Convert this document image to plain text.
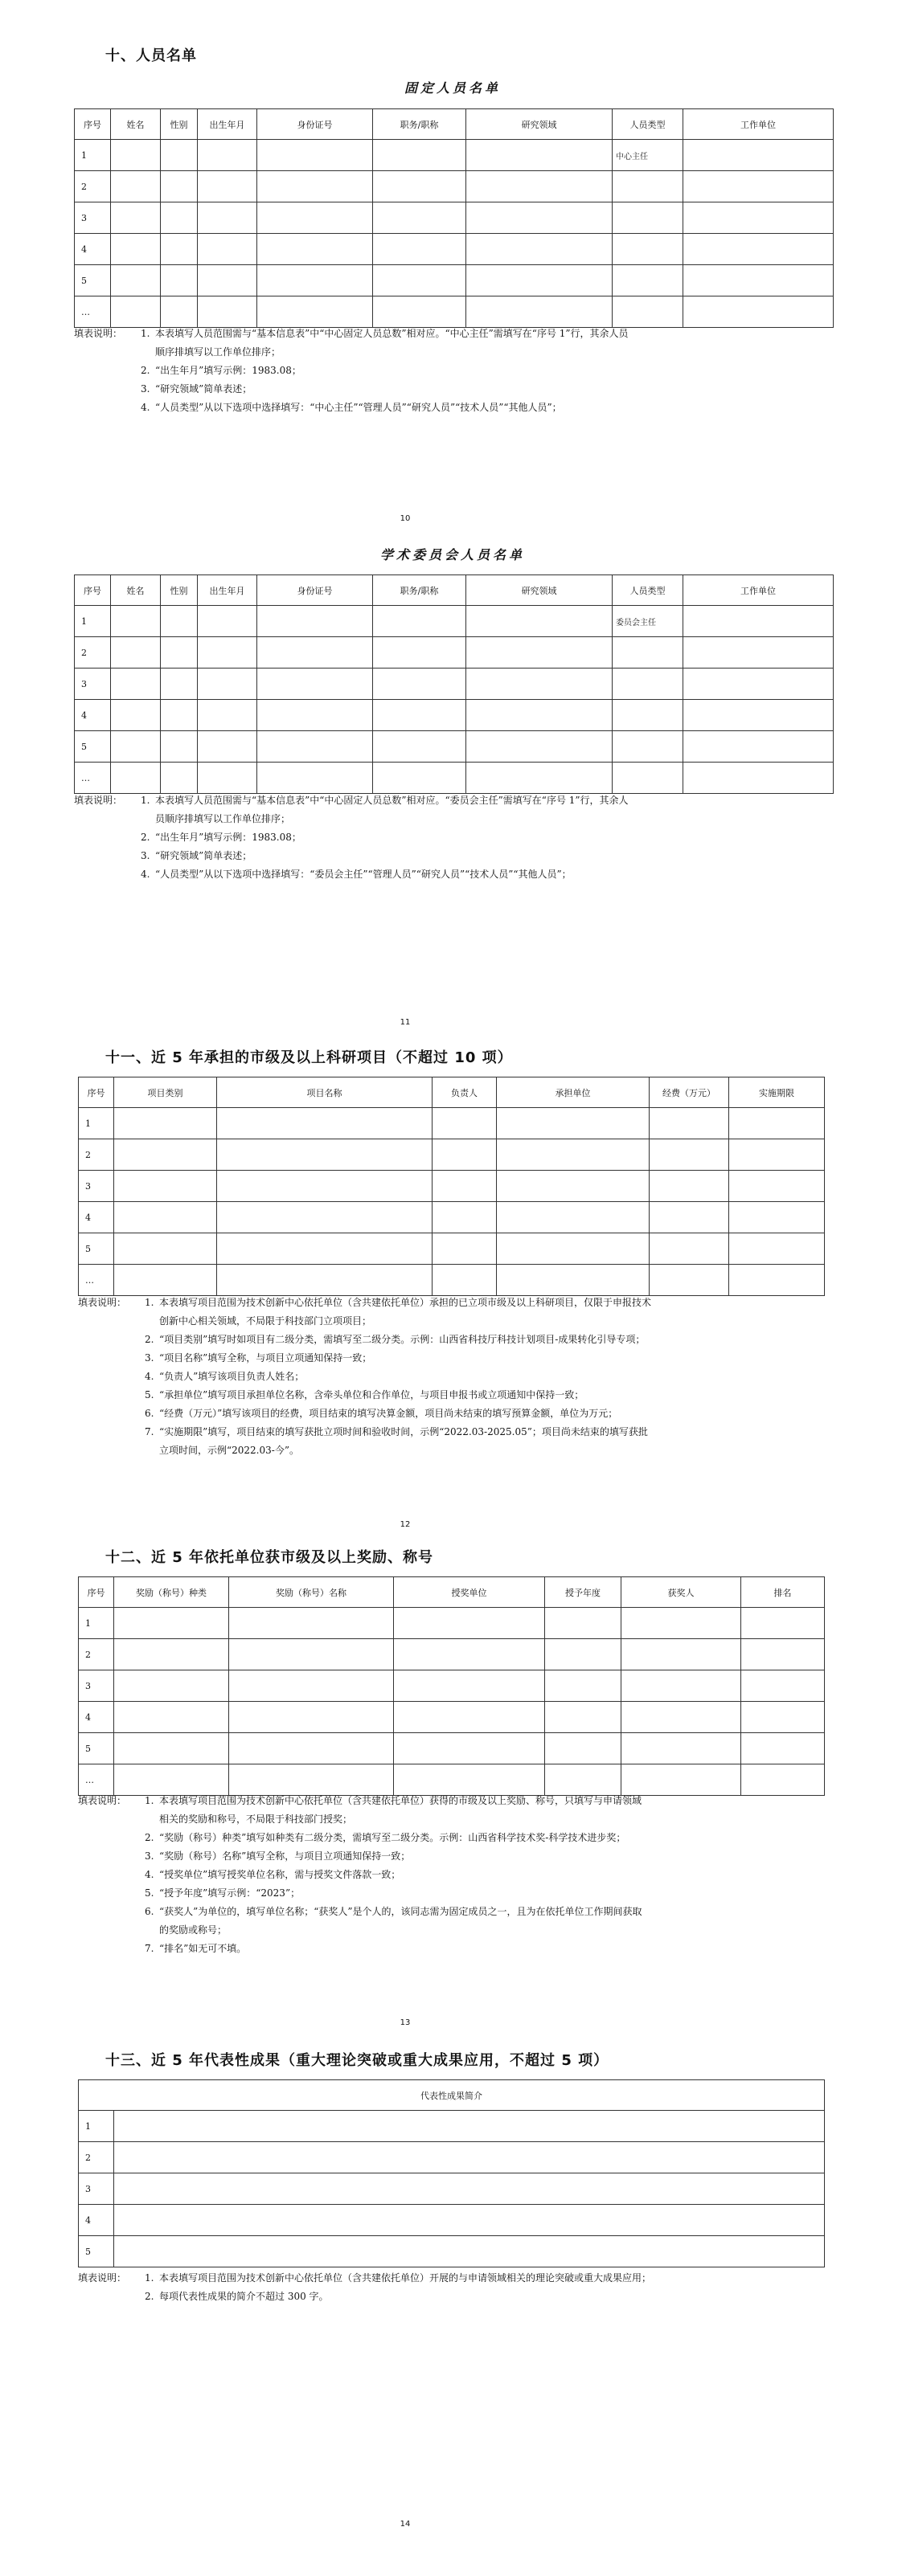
十、人员名单
固定人员名单
序号	姓名	性别	出生年月	身份证号	职务/职称	研究领域	人员类型	工作单位
1							中心主任	
2								
3								
4								
5								
…								
填表说明：	1. 本表填写人员范围需与“基本信息表”中“中心固定人员总数”相对应。“中心主任”需填写在“序号 1”行，其余人员
顺序排填写以工作单位排序；
2. “出生年月”填写示例：1983.08；
3. “研究领域”简单表述；
4. “人员类型”从以下选项中选择填写：“中心主任”“管理人员”“研究人员”“技术人员”“其他人员”；
10
学术委员会人员名单
序号	姓名	性别	出生年月	身份证号	职务/职称	研究领域	人员类型	工作单位
1							委员会主任	
2								
3								
4								
5								
…								
填表说明：	1. 本表填写人员范围需与“基本信息表”中“中心固定人员总数”相对应。“委员会主任”需填写在“序号 1”行，其余人
员顺序排填写以工作单位排序；
2. “出生年月”填写示例：1983.08；
3. “研究领域”简单表述；
4. “人员类型”从以下选项中选择填写：“委员会主任”“管理人员”“研究人员”“技术人员”“其他人员”；
11
十一、近 5 年承担的市级及以上科研项目（不超过 10 项）
序号	项目类别	项目名称	负责人	承担单位	经费（万元）	实施期限
1						
2						
3						
4						
5						
…						
填表说明：	1. 本表填写项目范围为技术创新中心依托单位（含共建依托单位）承担的已立项市级及以上科研项目，仅限于申报技术
创新中心相关领域，不局限于科技部门立项项目；
2. “项目类别”填写时如项目有二级分类，需填写至二级分类。示例：山西省科技厅科技计划项目-成果转化引导专项；
3. “项目名称”填写全称，与项目立项通知保持一致；
4. “负责人”填写该项目负责人姓名；
5. “承担单位”填写项目承担单位名称，含牵头单位和合作单位，与项目申报书或立项通知中保持一致；
6. “经费（万元）”填写该项目的经费，项目结束的填写决算金额，项目尚未结束的填写预算金额，单位为万元；
7. “实施期限”填写，项目结束的填写获批立项时间和验收时间，示例“2022.03-2025.05”；项目尚未结束的填写获批
立项时间，示例“2022.03-今”。
12
十二、近 5 年依托单位获市级及以上奖励、称号
序号	奖励（称号）种类	奖励（称号）名称	授奖单位	授予年度	获奖人	排名
1						
2						
3						
4						
5						
…						
填表说明：	1. 本表填写项目范围为技术创新中心依托单位（含共建依托单位）获得的市级及以上奖励、称号，只填写与申请领域
相关的奖励和称号，不局限于科技部门授奖；
2. “奖励（称号）种类”填写如种类有二级分类，需填写至二级分类。示例：山西省科学技术奖-科学技术进步奖；
3. “奖励（称号）名称”填写全称，与项目立项通知保持一致；
4. “授奖单位”填写授奖单位名称，需与授奖文件落款一致；
5. “授予年度”填写示例：“2023”；
6. “获奖人”为单位的，填写单位名称；“获奖人”是个人的，该同志需为固定成员之一，且为在依托单位工作期间获取
的奖励或称号；
7. “排名”如无可不填。
13
十三、近 5 年代表性成果（重大理论突破或重大成果应用，不超过 5 项）
代表性成果简介	
1	
2	
3	
4	
5	
填表说明：	1. 本表填写项目范围为技术创新中心依托单位（含共建依托单位）开展的与申请领域相关的理论突破或重大成果应用；
2. 每项代表性成果的简介不超过 300 字。
14
